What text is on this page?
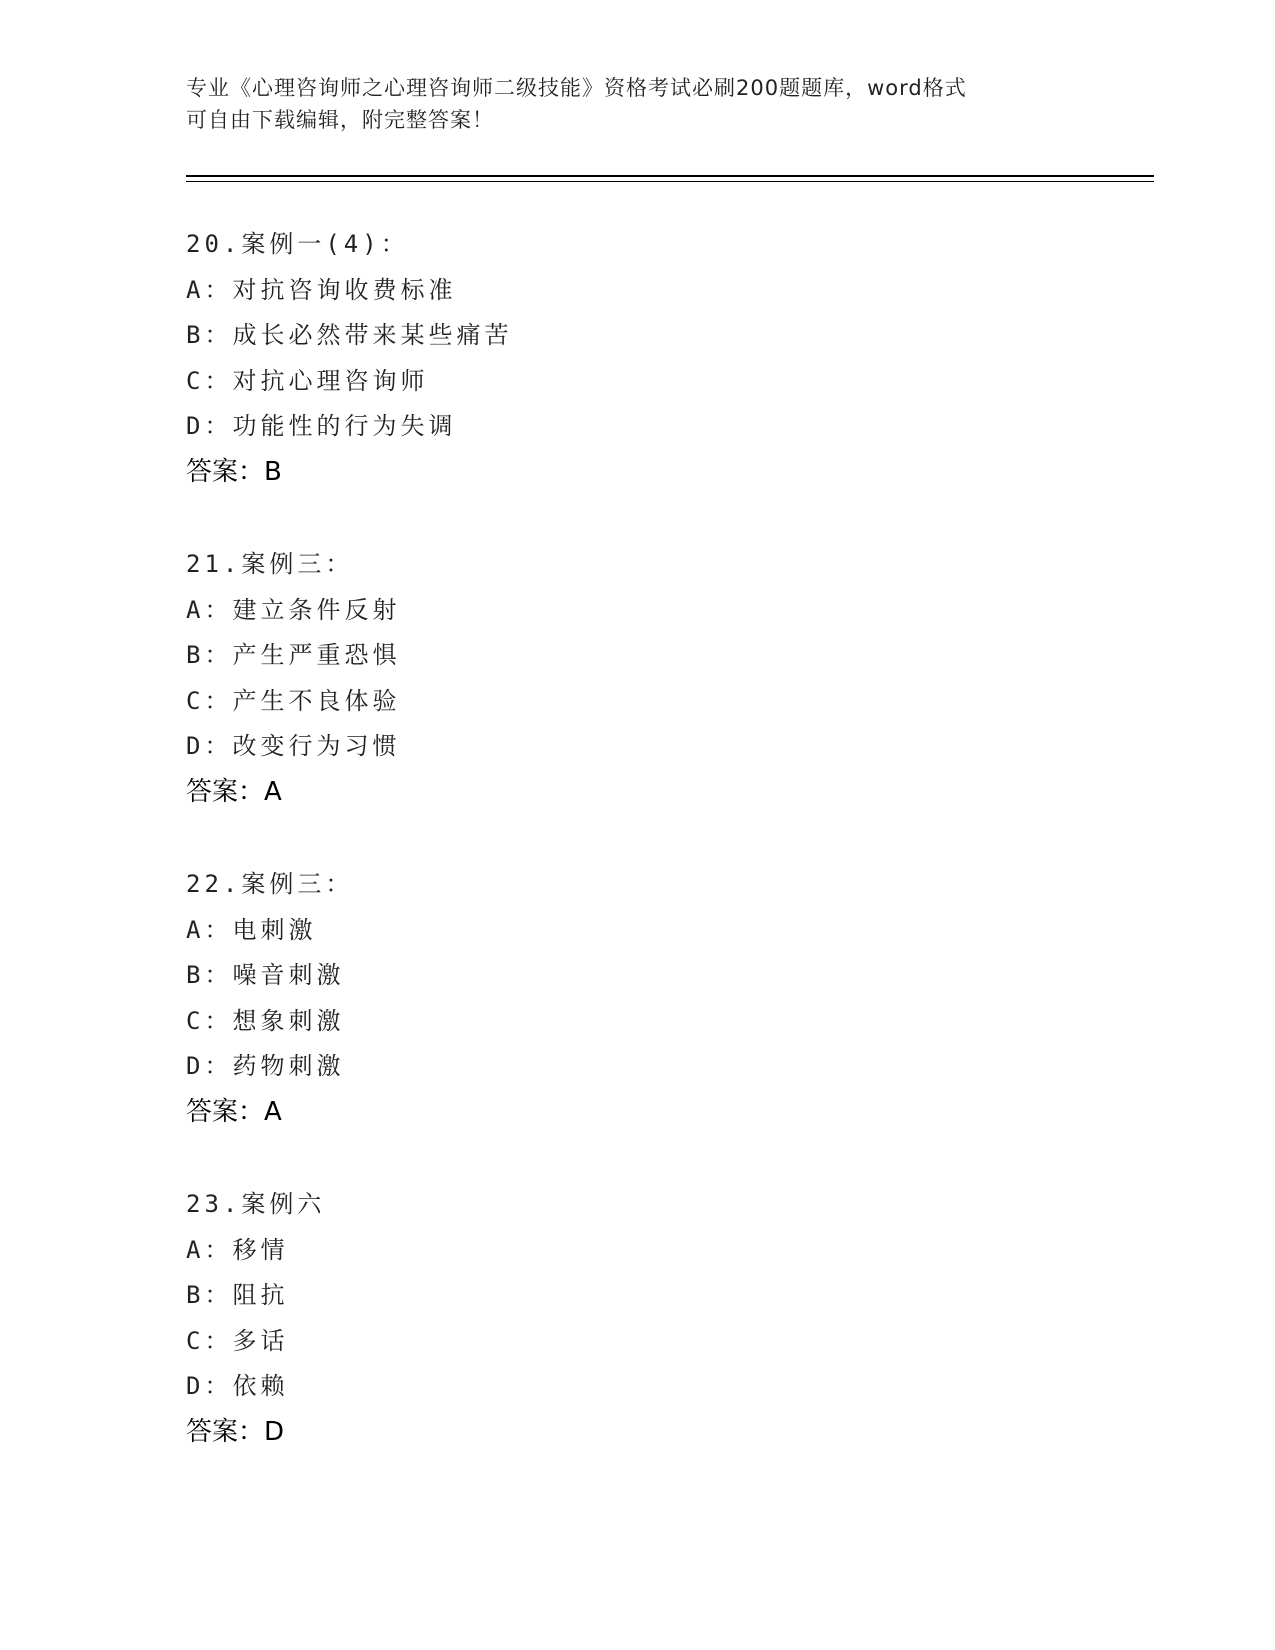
专业《心理咨询师之心理咨询师二级技能》资格考试必刷200题题库，word格式
可自由下载编辑，附完整答案！
20.案例一(4)：
A：对抗咨询收费标准
B：成长必然带来某些痛苦
C：对抗心理咨询师
D：功能性的行为失调
答案：B
21.案例三：
A：建立条件反射
B：产生严重恐惧
C：产生不良体验
D：改变行为习惯
答案：A
22.案例三：
A：电刺激
B：噪音刺激
C：想象刺激
D：药物刺激
答案：A
23.案例六
A：移情
B：阻抗
C：多话
D：依赖
答案：D
